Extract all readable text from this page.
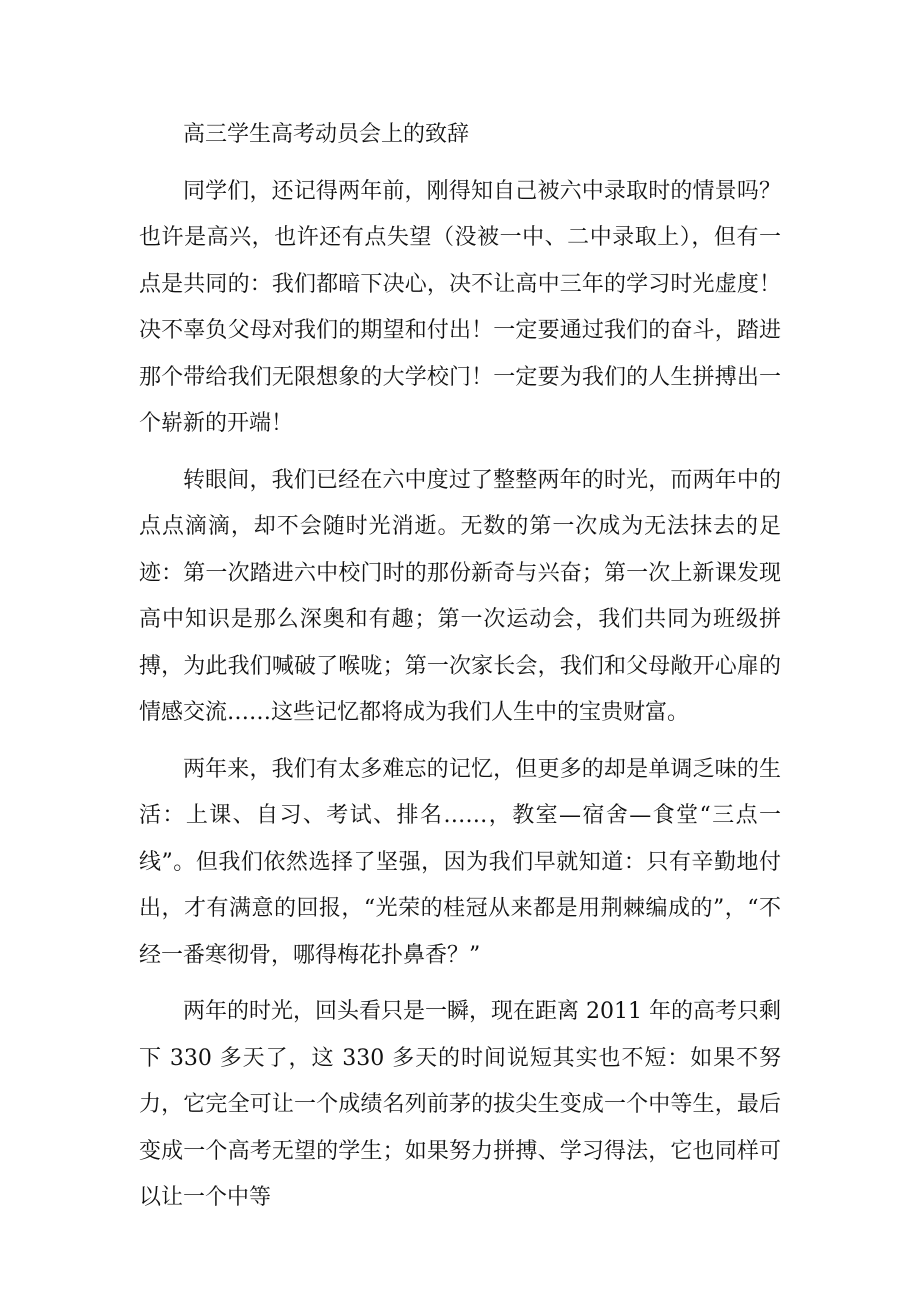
高三学生高考动员会上的致辞

同学们，还记得两年前，刚得知自己被六中录取时的情景吗？也许是高兴，也许还有点失望（没被一中、二中录取上），但有一点是共同的：我们都暗下决心，决不让高中三年的学习时光虚度！决不辜负父母对我们的期望和付出！一定要通过我们的奋斗，踏进那个带给我们无限想象的大学校门！一定要为我们的人生拼搏出一个崭新的开端！

转眼间，我们已经在六中度过了整整两年的时光，而两年中的点点滴滴，却不会随时光消逝。无数的第一次成为无法抹去的足迹：第一次踏进六中校门时的那份新奇与兴奋；第一次上新课发现高中知识是那么深奥和有趣；第一次运动会，我们共同为班级拼搏，为此我们喊破了喉咙；第一次家长会，我们和父母敞开心扉的情感交流……这些记忆都将成为我们人生中的宝贵财富。

两年来，我们有太多难忘的记忆，但更多的却是单调乏味的生活：上课、自习、考试、排名……，教室—宿舍—食堂“三点一线”。但我们依然选择了坚强，因为我们早就知道：只有辛勤地付出，才有满意的回报，“光荣的桂冠从来都是用荆棘编成的”，“不经一番寒彻骨，哪得梅花扑鼻香？”

两年的时光，回头看只是一瞬，现在距离 2011 年的高考只剩下 330 多天了，这 330 多天的时间说短其实也不短：如果不努力，它完全可让一个成绩名列前茅的拔尖生变成一个中等生，最后变成一个高考无望的学生；如果努力拼搏、学习得法，它也同样可以让一个中等
